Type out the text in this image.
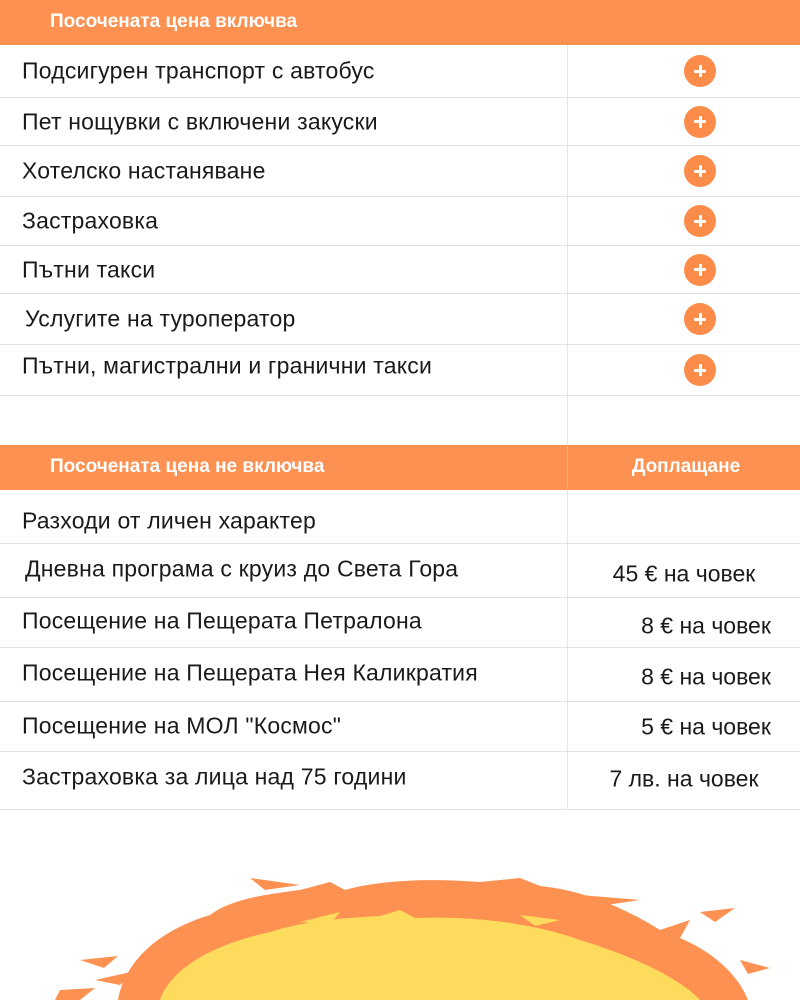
Посочената цена включва
Подсигурен транспорт с автобус
Пет нощувки с включени закуски
Хотелско настаняване
Застраховка
Пътни такси
Услугите на туроператор
Пътни, магистрални и гранични такси
Посочената цена не включва	Доплащане
Разходи от личен характер
Дневна програма с круиз до Света Гора	45 € на човек
Посещение на Пещерата Петралона	8 € на човек
Посещение на Пещерата Нея Каликратия	8 € на човек
Посещение на МОЛ "Космос"	5 € на човек
Застраховка за лица над 75 години	7 лв. на човек
